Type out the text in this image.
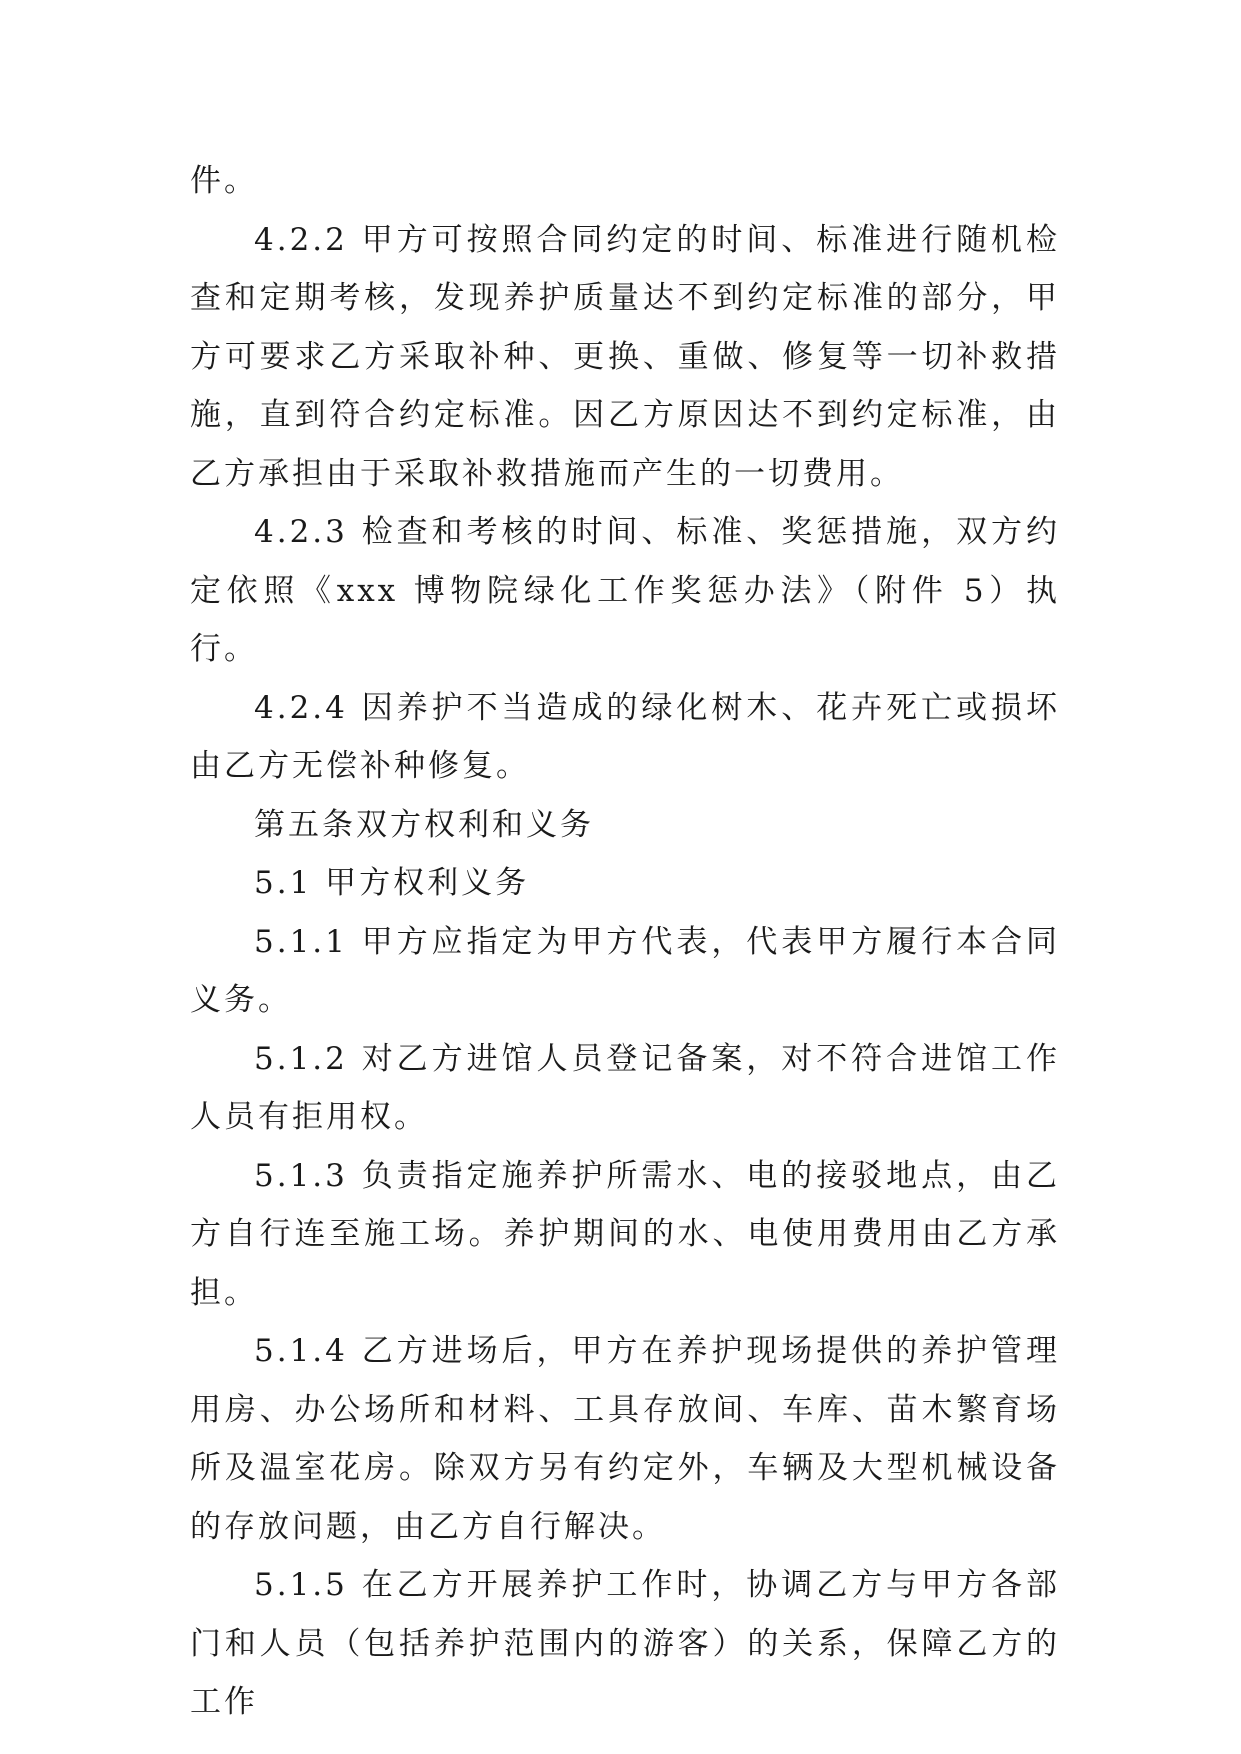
件。

4.2.2 甲方可按照合同约定的时间、标准进行随机检查和定期考核，发现养护质量达不到约定标准的部分，甲方可要求乙方采取补种、更换、重做、修复等一切补救措施，直到符合约定标准。因乙方原因达不到约定标准，由乙方承担由于采取补救措施而产生的一切费用。

4.2.3 检查和考核的时间、标准、奖惩措施，双方约定依照《xxx 博物院绿化工作奖惩办法》（附件 5）执行。

4.2.4 因养护不当造成的绿化树木、花卉死亡或损坏由乙方无偿补种修复。

第五条双方权利和义务

5.1 甲方权利义务

5.1.1 甲方应指定为甲方代表，代表甲方履行本合同义务。

5.1.2 对乙方进馆人员登记备案，对不符合进馆工作人员有拒用权。

5.1.3 负责指定施养护所需水、电的接驳地点，由乙方自行连至施工场。养护期间的水、电使用费用由乙方承担。

5.1.4 乙方进场后，甲方在养护现场提供的养护管理用房、办公场所和材料、工具存放间、车库、苗木繁育场所及温室花房。除双方另有约定外，车辆及大型机械设备的存放问题，由乙方自行解决。

5.1.5 在乙方开展养护工作时，协调乙方与甲方各部门和人员（包括养护范围内的游客）的关系，保障乙方的工作
